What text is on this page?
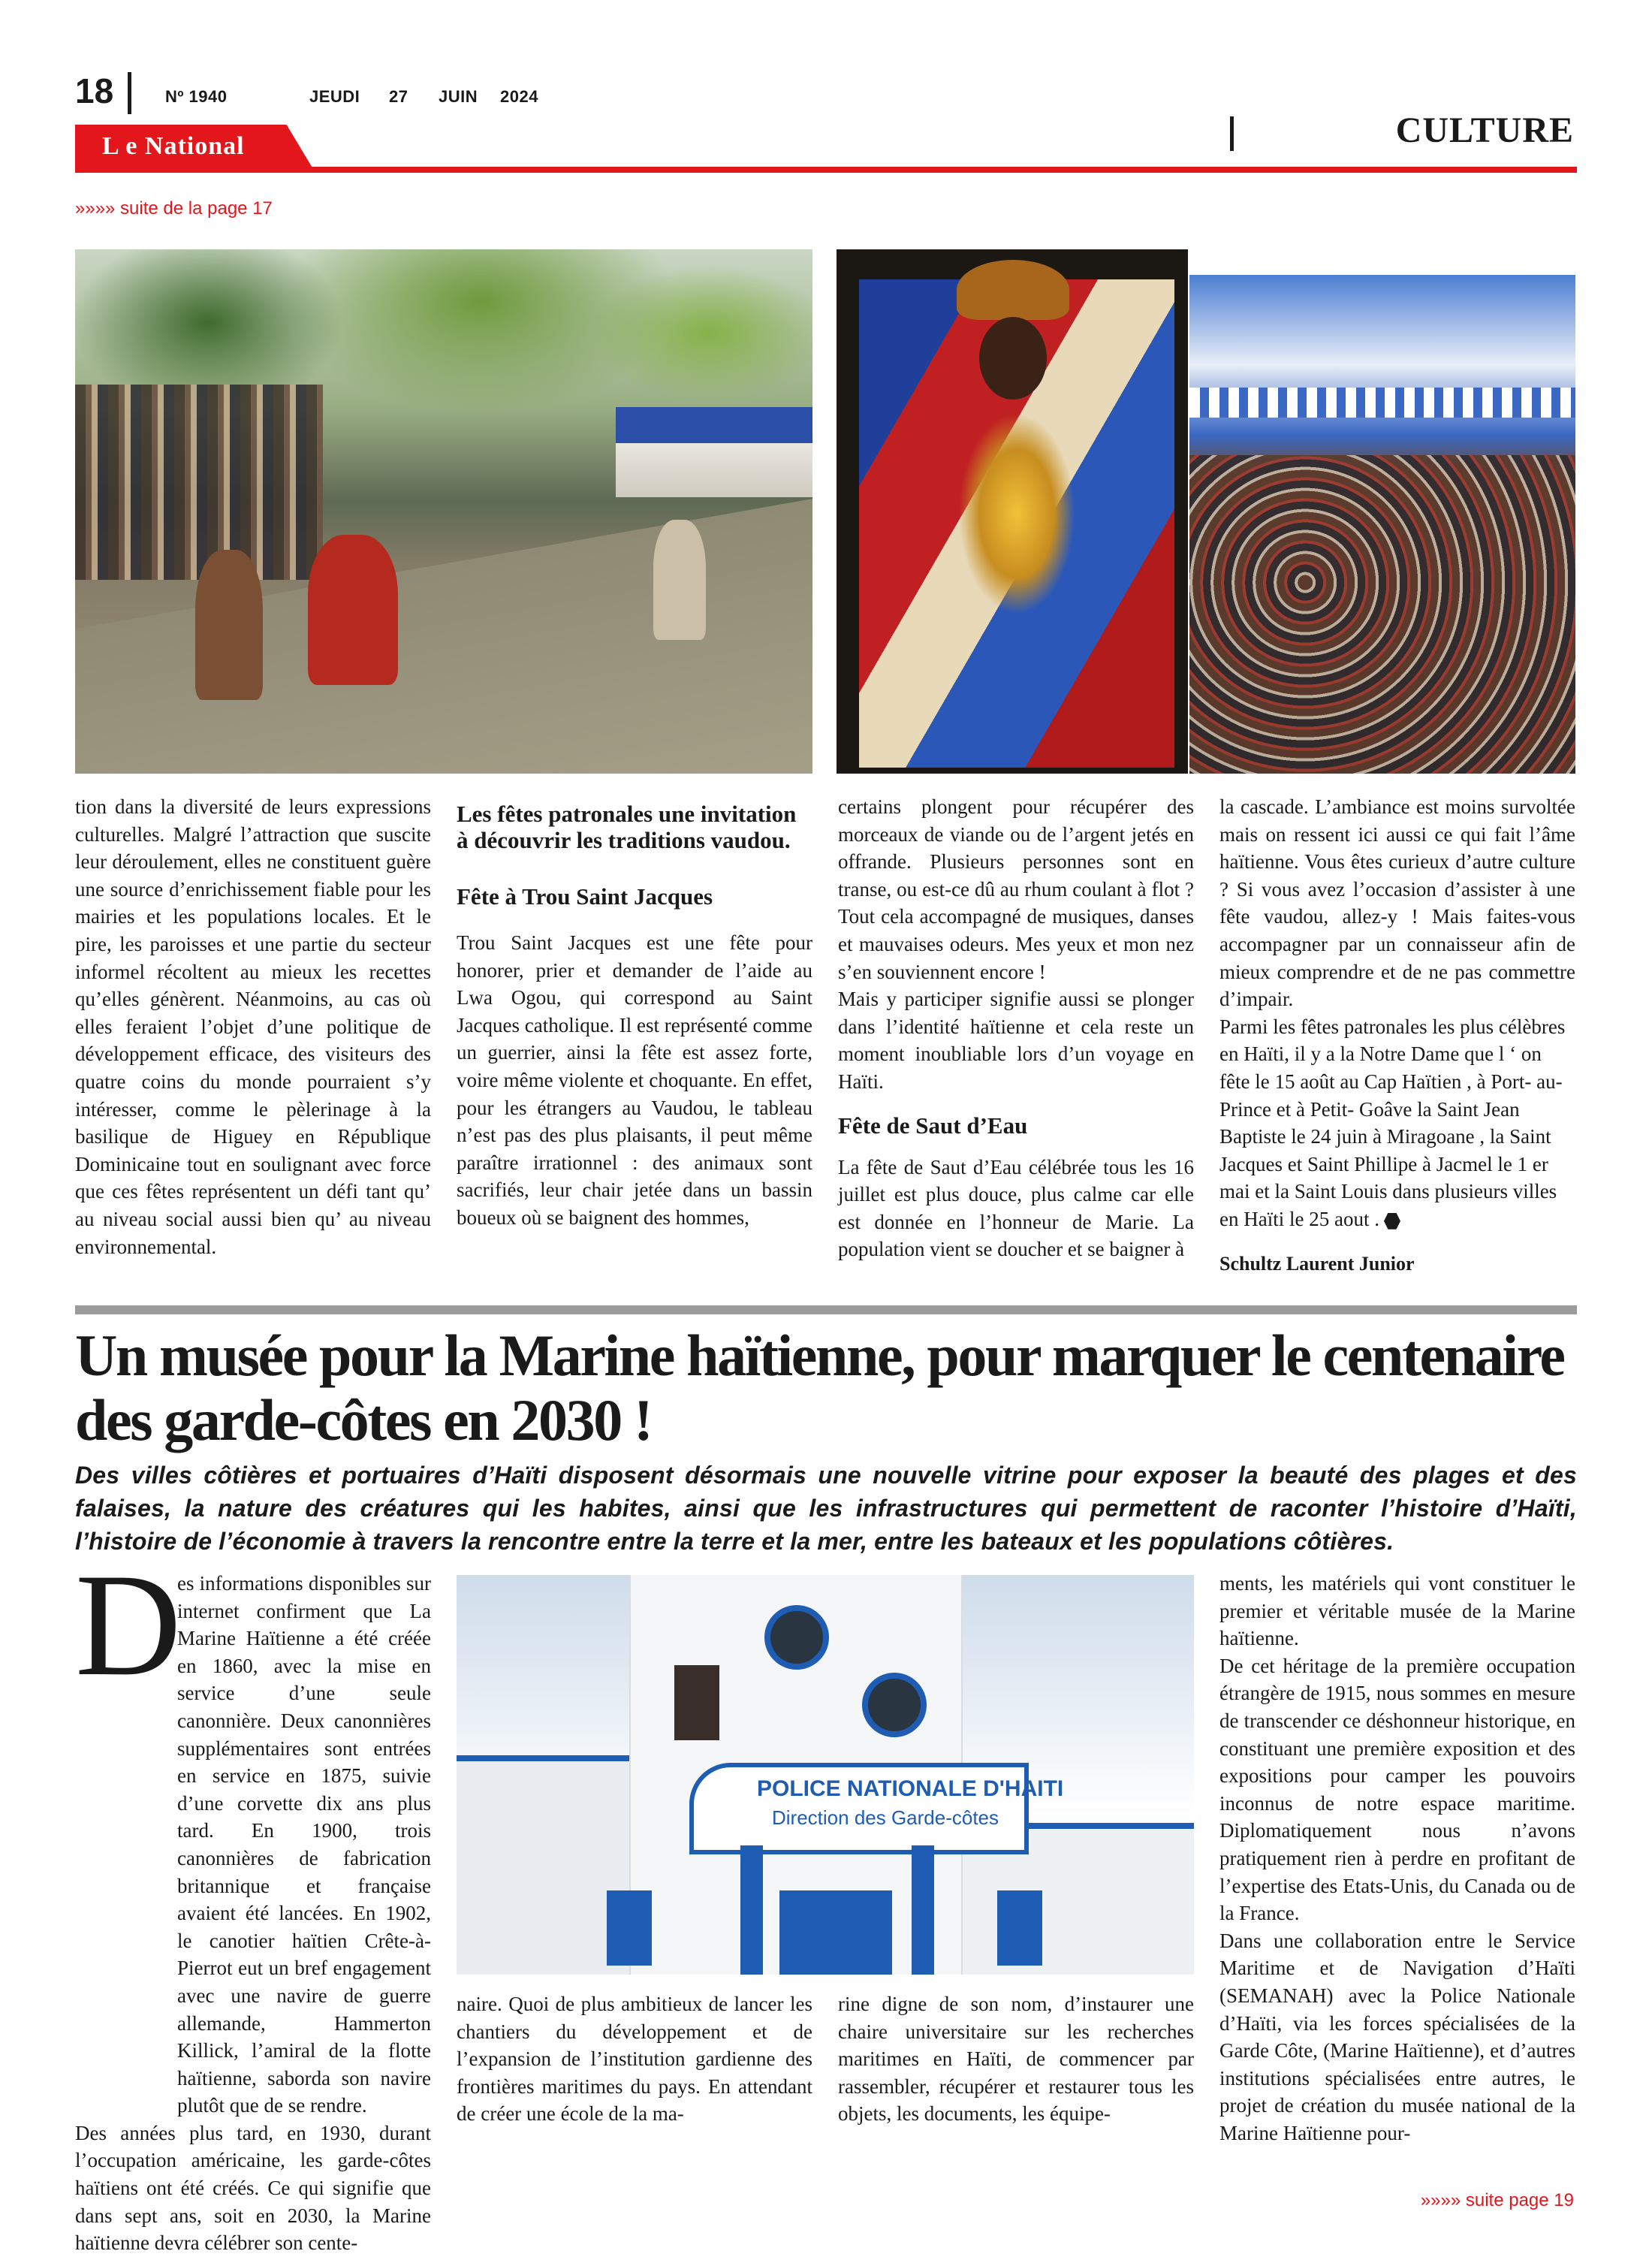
18	Nº 1940	JEUDI 27 JUIN 2024
CULTURE
L e National
»»»» suite de la page 17

tion dans la diversité de leurs expressions culturelles. Malgré l’attraction que suscite leur déroulement, elles ne constituent guère une source d’enrichissement fiable pour les mairies et les populations locales. Et le pire, les paroisses et une partie du secteur informel récoltent au mieux les recettes qu’elles génèrent. Néanmoins, au cas où elles feraient l’objet d’une politique de développement efficace, des visiteurs des quatre coins du monde pourraient s’y intéresser, comme le pèlerinage à la basilique de Higuey en République Dominicaine tout en soulignant avec force que ces fêtes représentent un défi tant qu’ au niveau social aussi bien qu’ au niveau environnemental.

Les fêtes patronales une invitation à découvrir les traditions vaudou.
Fête à Trou Saint Jacques

Trou Saint Jacques est une fête pour honorer, prier et demander de l’aide au Lwa Ogou, qui correspond au Saint Jacques catholique. Il est représenté comme un guerrier, ainsi la fête est assez forte, voire même violente et choquante. En effet, pour les étrangers au Vaudou, le tableau n’est pas des plus plaisants, il peut même paraître irrationnel : des animaux sont sacrifiés, leur chair jetée dans un bassin boueux où se baignent des hommes,

certains plongent pour récupérer des morceaux de viande ou de l’argent jetés en offrande. Plusieurs personnes sont en transe, ou est-ce dû au rhum coulant à flot ? Tout cela accompagné de musiques, danses et mauvaises odeurs. Mes yeux et mon nez s’en souviennent encore !

Mais y participer signifie aussi se plonger dans l’identité haïtienne et cela reste un moment inoubliable lors d’un voyage en Haïti.

Fête de Saut d’Eau

La fête de Saut d’Eau célébrée tous les 16 juillet est plus douce, plus calme car elle est donnée en l’honneur de Marie. La population vient se doucher et se baigner à

la cascade. L’ambiance est moins survoltée mais on ressent ici aussi ce qui fait l’âme haïtienne. Vous êtes curieux d’autre culture ? Si vous avez l’occasion d’assister à une fête vaudou, allez-y ! Mais faites-vous accompagner par un connaisseur afin de mieux comprendre et de ne pas commettre d’impair.

Parmi les fêtes patronales les plus célèbres en Haïti, il y a la Notre Dame que l ‘ on fête le 15 août au Cap Haïtien , à Port- au- Prince et à Petit- Goâve la Saint Jean Baptiste le 24 juin à Miragoane , la Saint Jacques et Saint Phillipe à Jacmel le 1 er mai et la Saint Louis dans plusieurs villes en Haïti le 25 aout .

Schultz Laurent Junior
Un musée pour la Marine haïtienne, pour marquer le centenaire des garde-côtes en 2030 !
Des villes côtières et portuaires d’Haïti disposent désormais une nouvelle vitrine pour exposer la beauté des plages et des falaises, la nature des créatures qui les habites, ainsi que les infrastructures qui permettent de raconter l’histoire d’Haïti, l’histoire de l’économie à travers la rencontre entre la terre et la mer, entre les bateaux et les populations côtières.
D

es informations disponibles sur internet confirment que La Marine Haïtienne a été créée en 1860, avec la mise en service d’une seule canonnière. Deux canonnières supplémentaires sont entrées en service en 1875, suivie d’une corvette dix ans plus tard. En 1900, trois canonnières de fabrication britannique et française avaient été lancées. En 1902, le canotier haïtien Crête-à-Pierrot eut un bref engagement avec une navire de guerre allemande, Hammerton Killick, l’amiral de la flotte haïtienne, saborda son navire plutôt que de se rendre.

Des années plus tard, en 1930, durant l’occupation américaine, les garde-côtes haïtiens ont été créés. Ce qui signifie que dans sept ans, soit en 2030, la Marine haïtienne devra célébrer son cente-

POLICE NATIONALE D'HAITI
Direction des Garde-côtes

naire. Quoi de plus ambitieux de lancer les chantiers du développement et de l’expansion de l’institution gardienne des frontières maritimes du pays. En attendant de créer une école de la ma-

rine digne de son nom, d’instaurer une chaire universitaire sur les recherches maritimes en Haïti, de commencer par rassembler, récupérer et restaurer tous les objets, les documents, les équipe-

ments, les matériels qui vont constituer le premier et véritable musée de la Marine haïtienne.

De cet héritage de la première occupation étrangère de 1915, nous sommes en mesure de transcender ce déshonneur historique, en constituant une première exposition et des expositions pour camper les pouvoirs inconnus de notre espace maritime. Diplomatiquement nous n’avons pratiquement rien à perdre en profitant de l’expertise des Etats-Unis, du Canada ou de la France.

Dans une collaboration entre le Service Maritime et de Navigation d’Haïti (SEMANAH) avec la Police Nationale d’Haïti, via les forces spécialisées de la Garde Côte, (Marine Haïtienne), et d’autres institutions spécialisées entre autres, le projet de création du musée national de la Marine Haïtienne pour-

»»»» suite page 19
